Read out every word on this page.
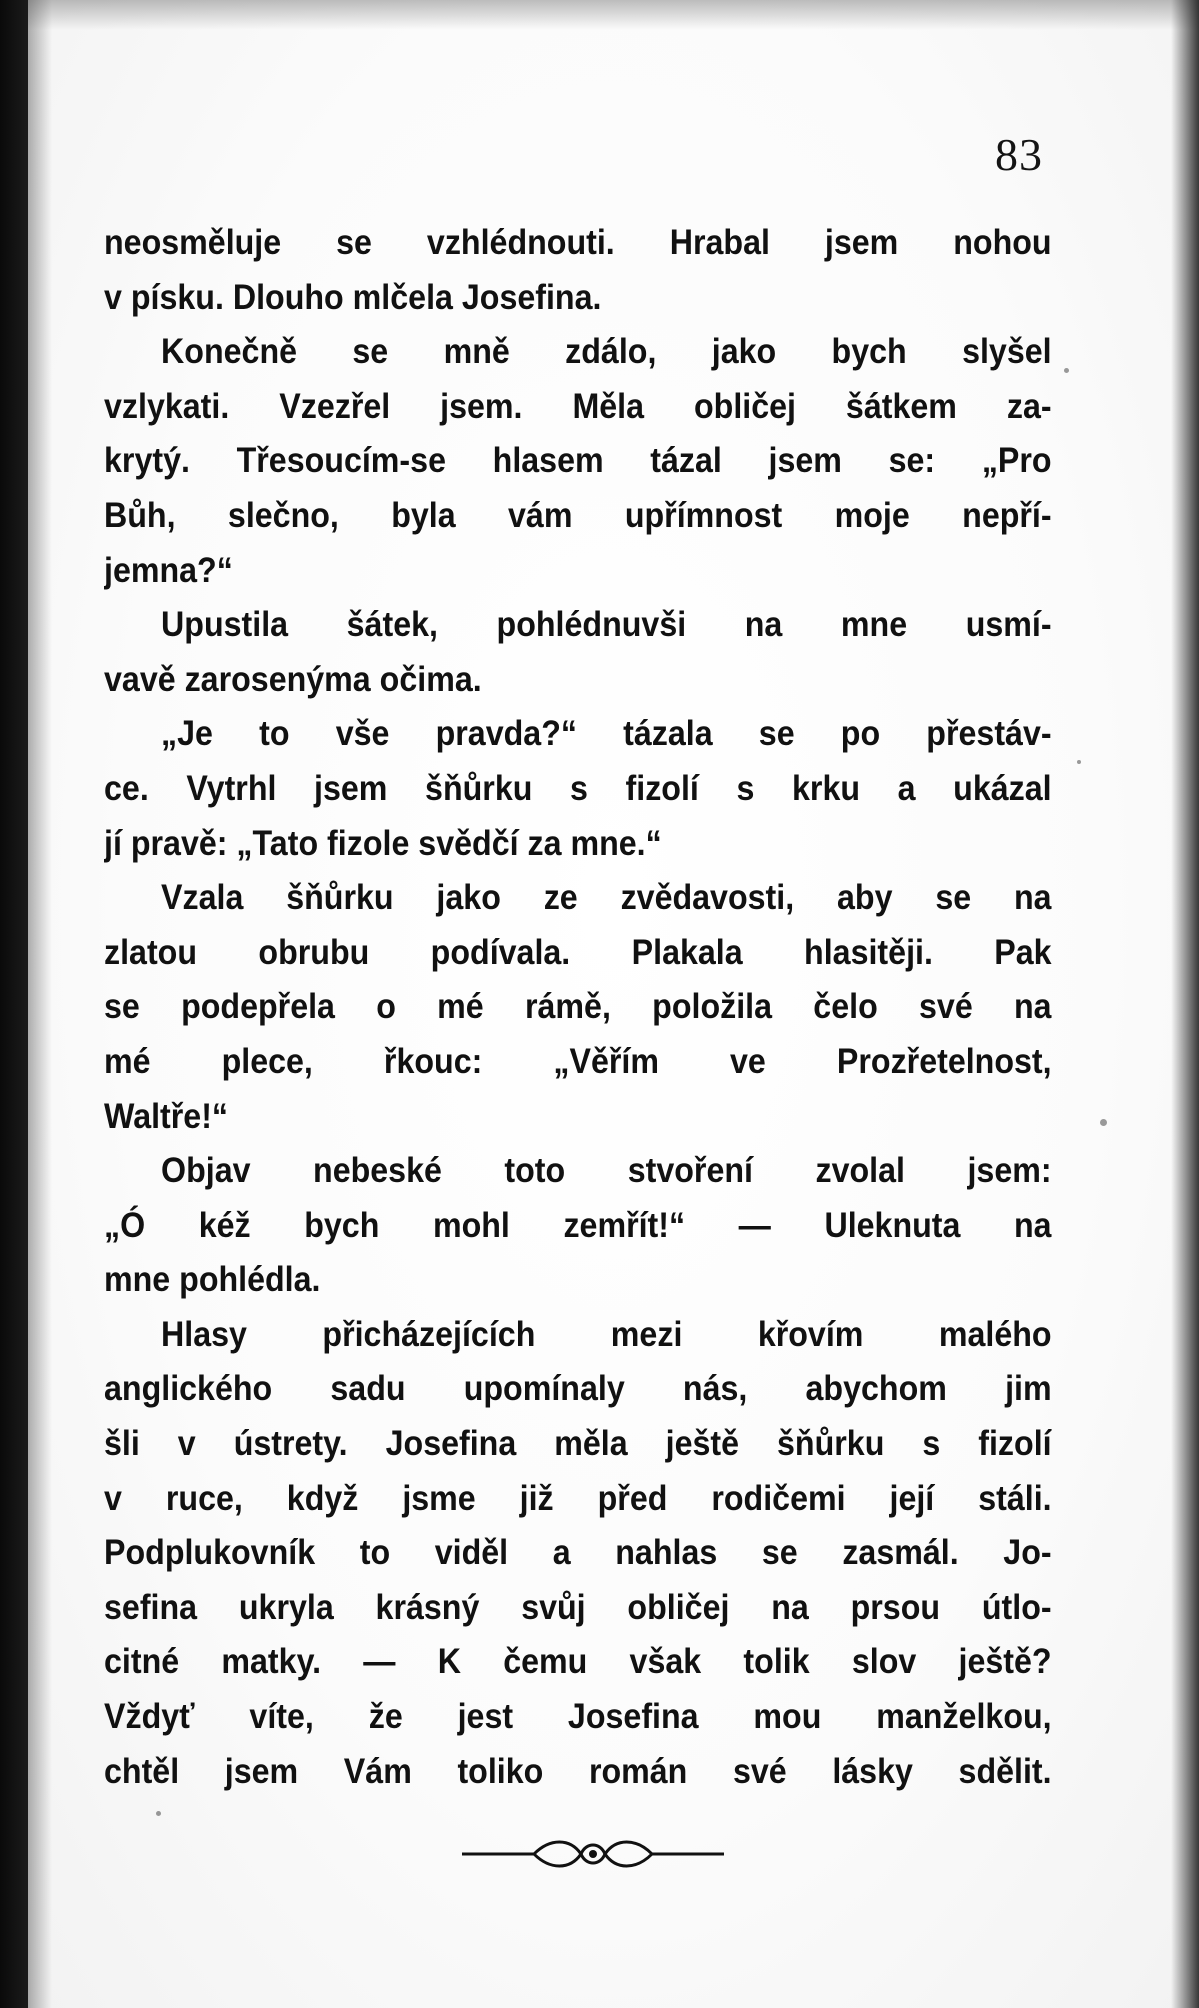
83
neosměluje se vzhlédnouti. Hrabal jsem nohou
v písku. Dlouho mlčela Josefina.
Konečně se mně zdálo, jako bych slyšel
vzlykati. Vzezřel jsem. Měla obličej šátkem za-
krytý. Třesoucím-se hlasem tázal jsem se: „Pro
Bůh, slečno, byla vám upřímnost moje nepří-
jemna?“
Upustila šátek, pohlédnuvši na mne usmí-
vavě zarosenýma očima.
„Je to vše pravda?“ tázala se po přestáv-
ce. Vytrhl jsem šňůrku s fizolí s krku a ukázal
jí pravě: „Tato fizole svědčí za mne.“
Vzala šňůrku jako ze zvědavosti, aby se na
zlatou obrubu podívala. Plakala hlasitěji. Pak
se podepřela o mé rámě, položila čelo své na
mé plece, řkouc: „Věřím ve Prozřetelnost,
Waltře!“
Objav nebeské toto stvoření zvolal jsem:
„Ó kéž bych mohl zemřít!“ — Uleknuta na
mne pohlédla.
Hlasy přicházejících mezi křovím malého
anglického sadu upomínaly nás, abychom jim
šli v ústrety. Josefina měla ještě šňůrku s fizolí
v ruce, když jsme již před rodičemi její stáli.
Podplukovník to viděl a nahlas se zasmál. Jo-
sefina ukryla krásný svůj obličej na prsou útlo-
citné matky. — K čemu však tolik slov ještě?
Vždyť víte, že jest Josefina mou manželkou,
chtěl jsem Vám toliko román své lásky sdělit.
